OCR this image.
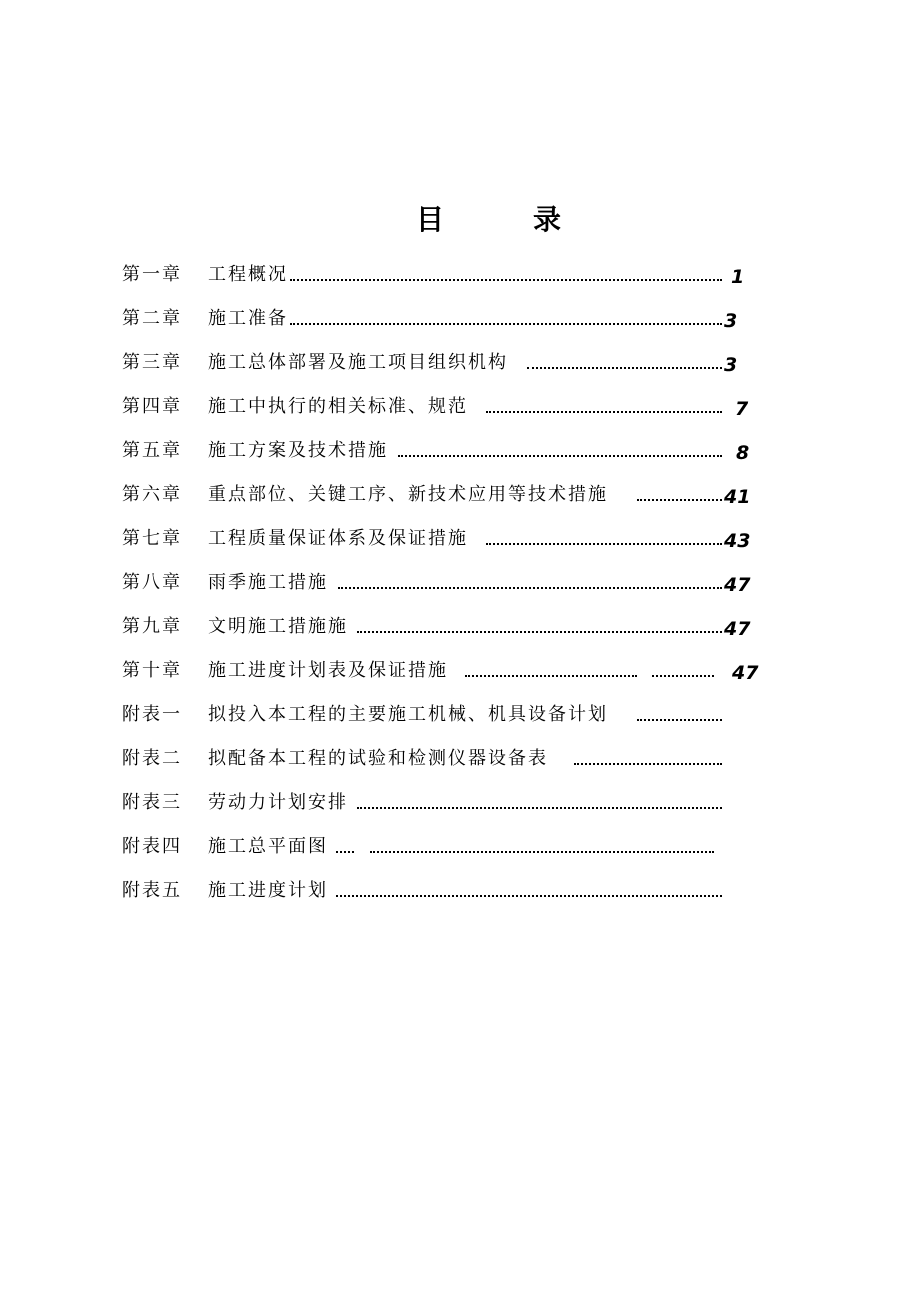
目	录
第一章 工程概况	1
第二章 施工准备	3
第三章 施工总体部署及施工项目组织机构	3
第四章 施工中执行的相关标准、规范	7
第五章 施工方案及技术措施	8
第六章 重点部位、关键工序、新技术应用等技术措施	41
第七章 工程质量保证体系及保证措施	43
第八章 雨季施工措施	47
第九章 文明施工措施施	47
第十章 施工进度计划表及保证措施	47
附表一 拟投入本工程的主要施工机械、机具设备计划
附表二 拟配备本工程的试验和检测仪器设备表
附表三 劳动力计划安排
附表四 施工总平面图
附表五 施工进度计划
